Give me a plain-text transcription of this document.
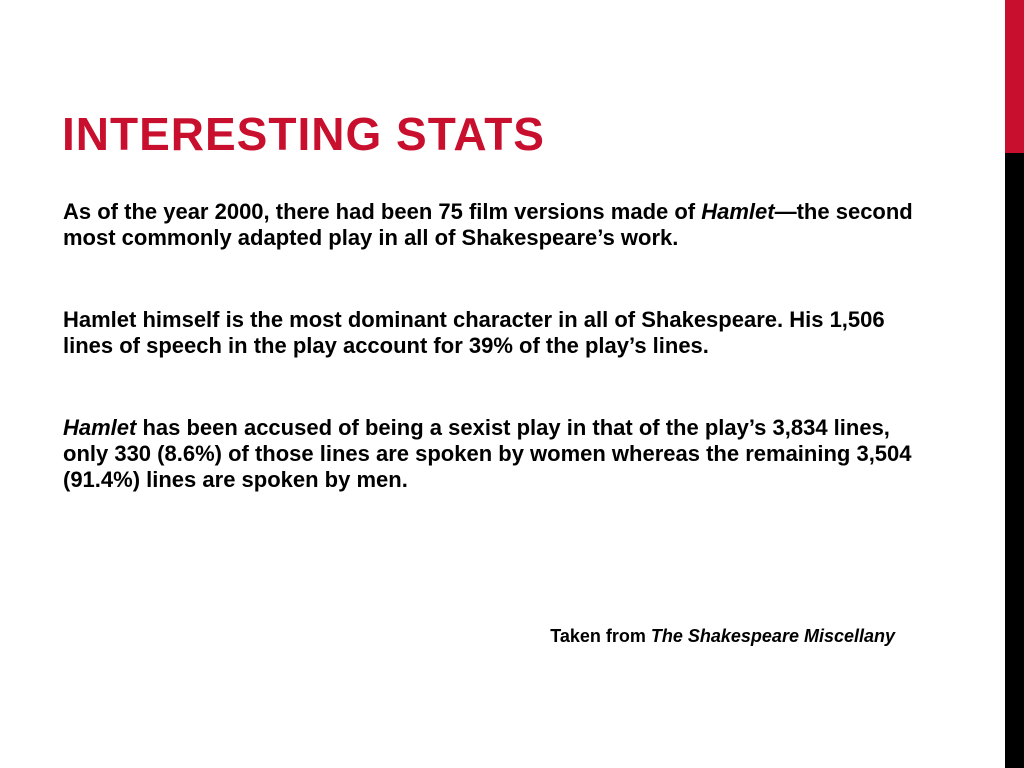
INTERESTING STATS

As of the year 2000, there had been 75 film versions made of Hamlet—the second most commonly adapted play in all of Shakespeare’s work.

Hamlet himself is the most dominant character in all of Shakespeare. His 1,506 lines of speech in the play account for 39% of the play’s lines.

Hamlet has been accused of being a sexist play in that of the play’s 3,834 lines, only 330 (8.6%) of those lines are spoken by women whereas the remaining 3,504 (91.4%) lines are spoken by men.

Taken from The Shakespeare Miscellany
